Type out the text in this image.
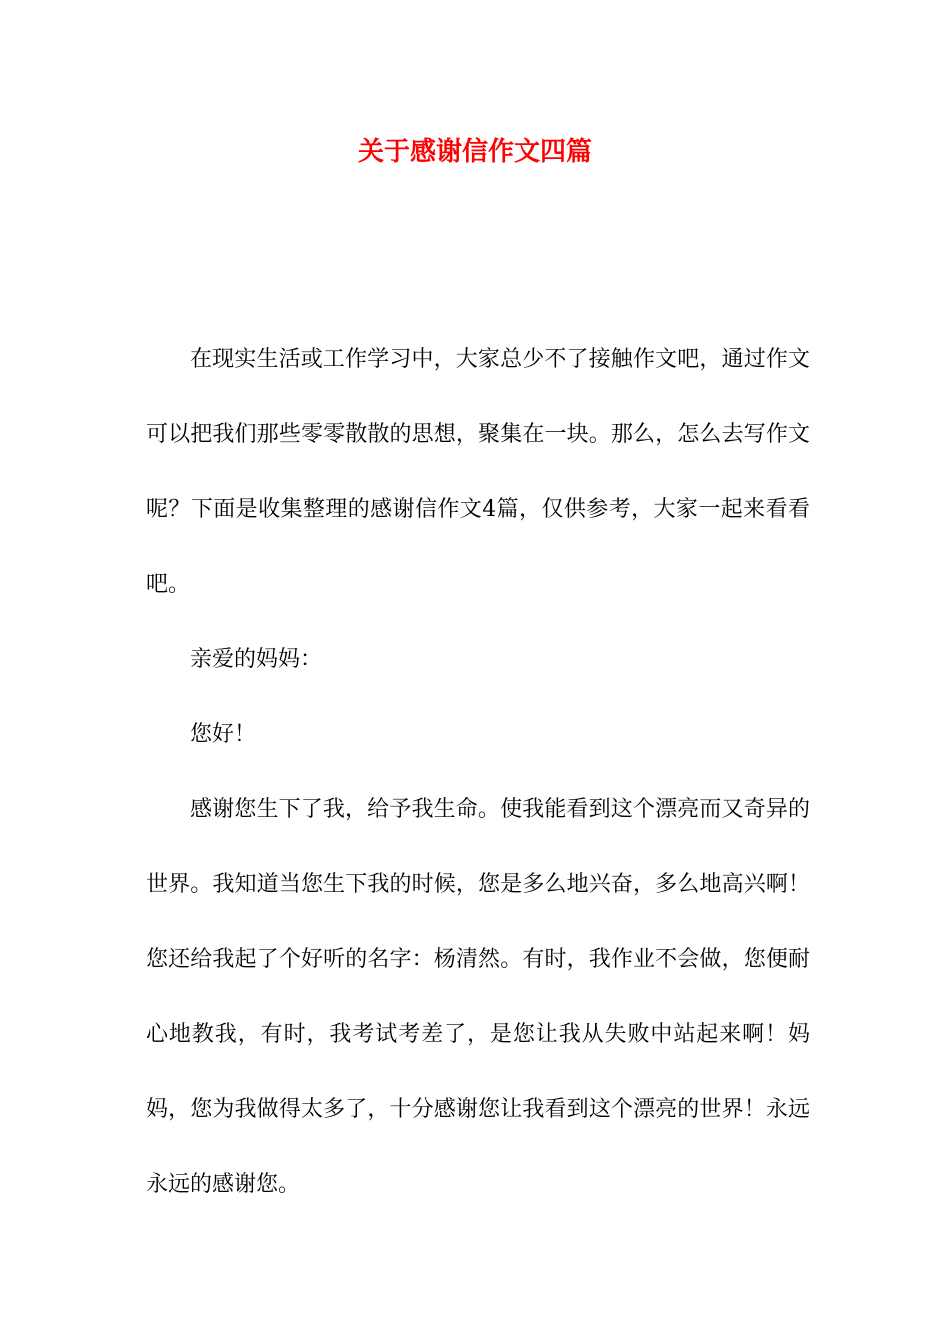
关于感谢信作文四篇

在现实生活或工作学习中，大家总少不了接触作文吧，通过作文可以把我们那些零零散散的思想，聚集在一块。那么，怎么去写作文呢？下面是收集整理的感谢信作文4篇，仅供参考，大家一起来看看吧。

亲爱的妈妈：

您好！

感谢您生下了我，给予我生命。使我能看到这个漂亮而又奇异的世界。我知道当您生下我的时候，您是多么地兴奋，多么地高兴啊！您还给我起了个好听的名字：杨清然。有时，我作业不会做，您便耐心地教我，有时，我考试考差了，是您让我从失败中站起来啊！妈妈，您为我做得太多了，十分感谢您让我看到这个漂亮的世界！永远永远的感谢您。
